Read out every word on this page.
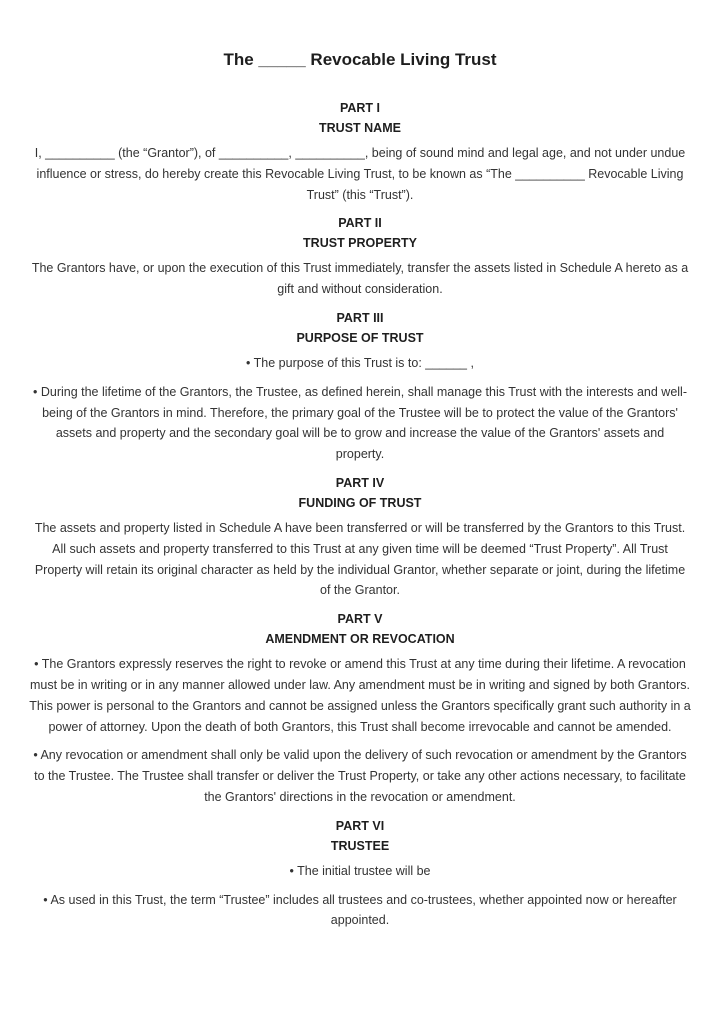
The _____ Revocable Living Trust
PART I
TRUST NAME

I, __________ (the “Grantor”), of __________, __________, being of sound mind and legal age, and not under undue influence or stress, do hereby create this Revocable Living Trust, to be known as “The __________ Revocable Living Trust” (this “Trust”).

PART II
TRUST PROPERTY

The Grantors have, or upon the execution of this Trust immediately, transfer the assets listed in Schedule A hereto as a gift and without consideration.

PART III
PURPOSE OF TRUST

• The purpose of this Trust is to: ______ ,

• During the lifetime of the Grantors, the Trustee, as defined herein, shall manage this Trust with the interests and well-being of the Grantors in mind. Therefore, the primary goal of the Trustee will be to protect the value of the Grantors' assets and property and the secondary goal will be to grow and increase the value of the Grantors' assets and property.

PART IV
FUNDING OF TRUST

The assets and property listed in Schedule A have been transferred or will be transferred by the Grantors to this Trust. All such assets and property transferred to this Trust at any given time will be deemed “Trust Property”. All Trust Property will retain its original character as held by the individual Grantor, whether separate or joint, during the lifetime of the Grantor.

PART V
AMENDMENT OR REVOCATION

• The Grantors expressly reserves the right to revoke or amend this Trust at any time during their lifetime. A revocation must be in writing or in any manner allowed under law. Any amendment must be in writing and signed by both Grantors. This power is personal to the Grantors and cannot be assigned unless the Grantors specifically grant such authority in a power of attorney. Upon the death of both Grantors, this Trust shall become irrevocable and cannot be amended.

• Any revocation or amendment shall only be valid upon the delivery of such revocation or amendment by the Grantors to the Trustee. The Trustee shall transfer or deliver the Trust Property, or take any other actions necessary, to facilitate the Grantors' directions in the revocation or amendment.

PART VI
TRUSTEE

• The initial trustee will be

• As used in this Trust, the term “Trustee” includes all trustees and co-trustees, whether appointed now or hereafter appointed.
